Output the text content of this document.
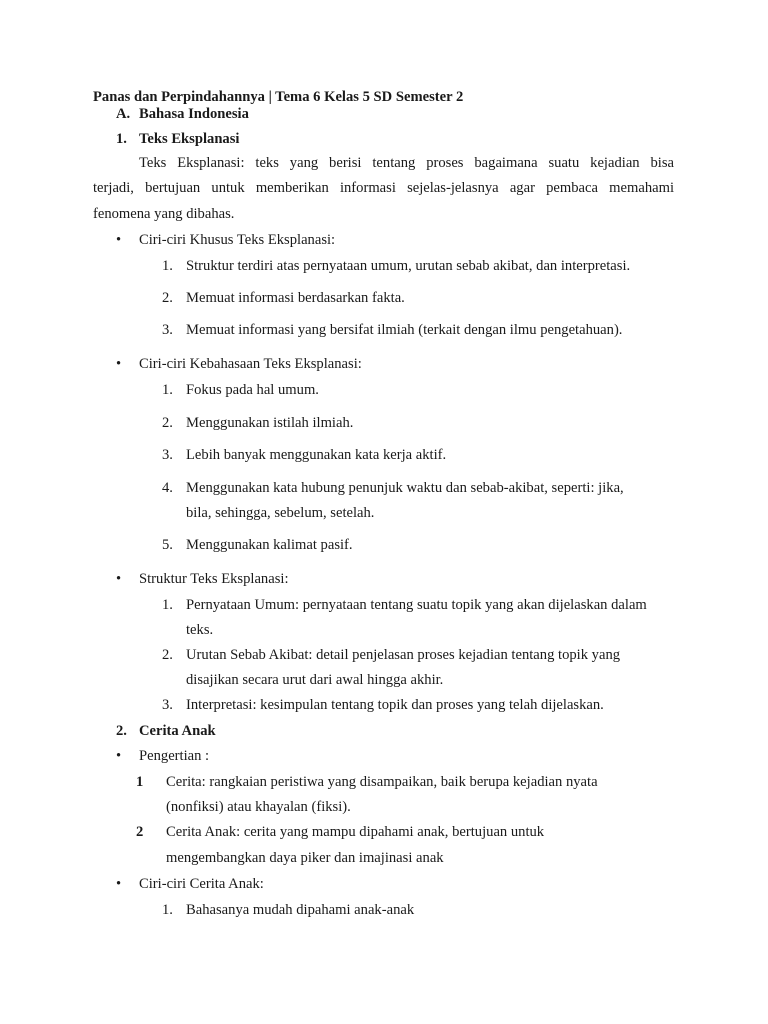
Panas dan Perpindahannya | Tema 6 Kelas 5 SD Semester 2
A. Bahasa Indonesia
1. Teks Eksplanasi
Teks Eksplanasi: teks yang berisi tentang proses bagaimana suatu kejadian bisa
terjadi, bertujuan untuk memberikan informasi sejelas-jelasnya agar pembaca memahami
fenomena yang dibahas.
• Ciri-ciri Khusus Teks Eksplanasi:
1. Struktur terdiri atas pernyataan umum, urutan sebab akibat, dan interpretasi.
2. Memuat informasi berdasarkan fakta.
3. Memuat informasi yang bersifat ilmiah (terkait dengan ilmu pengetahuan).
• Ciri-ciri Kebahasaan Teks Eksplanasi:
1. Fokus pada hal umum.
2. Menggunakan istilah ilmiah.
3. Lebih banyak menggunakan kata kerja aktif.
4. Menggunakan kata hubung penunjuk waktu dan sebab-akibat, seperti: jika,
bila, sehingga, sebelum, setelah.
5. Menggunakan kalimat pasif.
• Struktur Teks Eksplanasi:
1. Pernyataan Umum: pernyataan tentang suatu topik yang akan dijelaskan dalam
teks.
2. Urutan Sebab Akibat: detail penjelasan proses kejadian tentang topik yang
disajikan secara urut dari awal hingga akhir.
3. Interpretasi: kesimpulan tentang topik dan proses yang telah dijelaskan.
2. Cerita Anak
• Pengertian :
1 Cerita: rangkaian peristiwa yang disampaikan, baik berupa kejadian nyata
(nonfiksi) atau khayalan (fiksi).
2 Cerita Anak: cerita yang mampu dipahami anak, bertujuan untuk
mengembangkan daya piker dan imajinasi anak
• Ciri-ciri Cerita Anak:
1. Bahasanya mudah dipahami anak-anak
